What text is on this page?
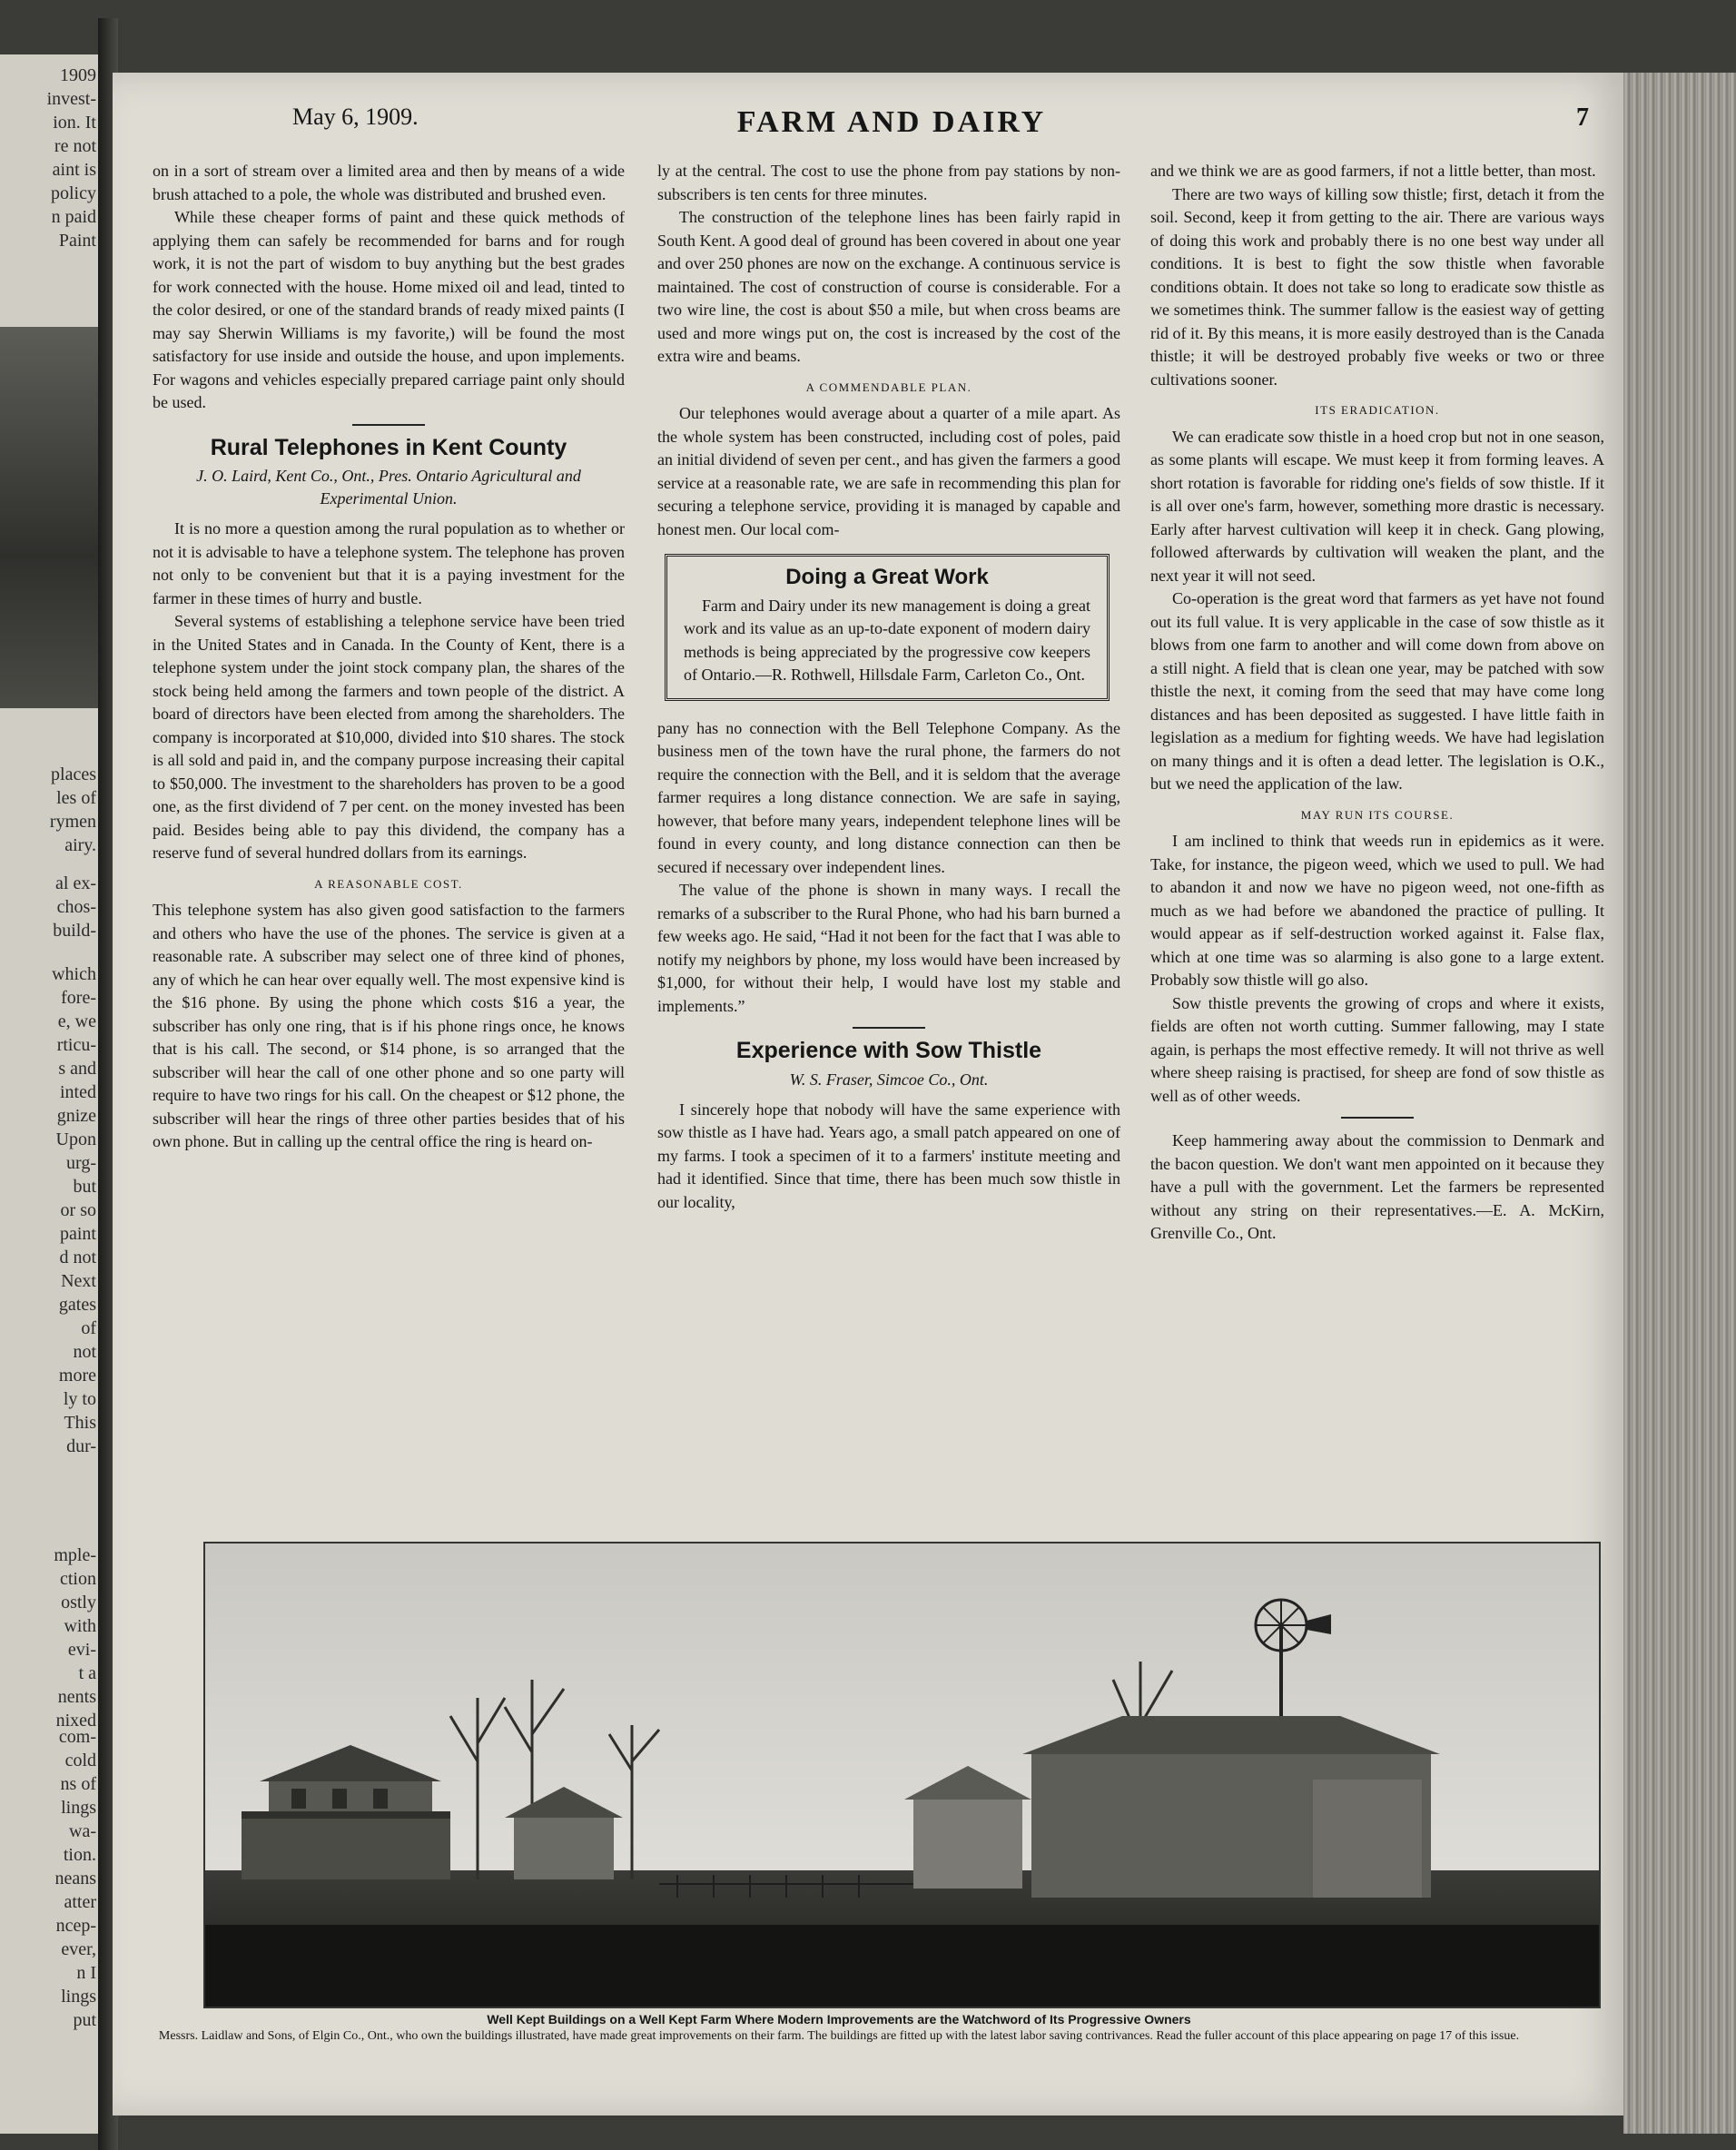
1909
invest-
ion. It
re not
aint is
policy
n paid
Paint
places
les of
rymen
airy.
al ex-
chos-
build-
which
fore-
e, we
rticu-
s and
inted
gnize
Upon
urg-
but
or so
paint
d not
Next
gates
of
not
more
ly to
This
dur-
mple-
ction
ostly
with
evi-
t a
nents
nixed
com-
cold
ns of
lings
wa-
tion.
neans
atter
ncep-
ever,
n I
lings
put
May 6, 1909.	FARM AND DAIRY	7

on in a sort of stream over a limited area and then by means of a wide brush attached to a pole, the whole was distributed and brushed even.

While these cheaper forms of paint and these quick methods of applying them can safely be recommended for barns and for rough work, it is not the part of wisdom to buy anything but the best grades for work connected with the house. Home mixed oil and lead, tinted to the color desired, or one of the standard brands of ready mixed paints (I may say Sherwin Williams is my favorite,) will be found the most satisfactory for use inside and outside the house, and upon implements. For wagons and vehicles especially prepared carriage paint only should be used.

Rural Telephones in Kent County
J. O. Laird, Kent Co., Ont., Pres. Ontario Agricultural and Experimental Union.

It is no more a question among the rural population as to whether or not it is advisable to have a telephone system. The telephone has proven not only to be convenient but that it is a paying investment for the farmer in these times of hurry and bustle.

Several systems of establishing a telephone service have been tried in the United States and in Canada. In the County of Kent, there is a telephone system under the joint stock company plan, the shares of the stock being held among the farmers and town people of the district. A board of directors have been elected from among the shareholders. The company is incorporated at $10,000, divided into $10 shares. The stock is all sold and paid in, and the company purpose increasing their capital to $50,000. The investment to the shareholders has proven to be a good one, as the first dividend of 7 per cent. on the money invested has been paid. Besides being able to pay this dividend, the company has a reserve fund of several hundred dollars from its earnings.

A REASONABLE COST.

This telephone system has also given good satisfaction to the farmers and others who have the use of the phones. The service is given at a reasonable rate. A subscriber may select one of three kind of phones, any of which he can hear over equally well. The most expensive kind is the $16 phone. By using the phone which costs $16 a year, the subscriber has only one ring, that is if his phone rings once, he knows that is his call. The second, or $14 phone, is so arranged that the subscriber will hear the call of one other phone and so one party will require to have two rings for his call. On the cheapest or $12 phone, the subscriber will hear the rings of three other parties besides that of his own phone. But in calling up the central office the ring is heard on-

ly at the central. The cost to use the phone from pay stations by non-subscribers is ten cents for three minutes.

The construction of the telephone lines has been fairly rapid in South Kent. A good deal of ground has been covered in about one year and over 250 phones are now on the exchange. A continuous service is maintained. The cost of construction of course is considerable. For a two wire line, the cost is about $50 a mile, but when cross beams are used and more wings put on, the cost is increased by the cost of the extra wire and beams.

A COMMENDABLE PLAN.

Our telephones would average about a quarter of a mile apart. As the whole system has been constructed, including cost of poles, paid an initial dividend of seven per cent., and has given the farmers a good service at a reasonable rate, we are safe in recommending this plan for securing a telephone service, providing it is managed by capable and honest men. Our local com-

Doing a Great Work

Farm and Dairy under its new management is doing a great work and its value as an up-to-date exponent of modern dairy methods is being appreciated by the progressive cow keepers of Ontario.—R. Rothwell, Hillsdale Farm, Carleton Co., Ont.

pany has no connection with the Bell Telephone Company. As the business men of the town have the rural phone, the farmers do not require the connection with the Bell, and it is seldom that the average farmer requires a long distance connection. We are safe in saying, however, that before many years, independent telephone lines will be found in every county, and long distance connection can then be secured if necessary over independent lines.

The value of the phone is shown in many ways. I recall the remarks of a subscriber to the Rural Phone, who had his barn burned a few weeks ago. He said, “Had it not been for the fact that I was able to notify my neighbors by phone, my loss would have been increased by $1,000, for without their help, I would have lost my stable and implements.”

Experience with Sow Thistle
W. S. Fraser, Simcoe Co., Ont.

I sincerely hope that nobody will have the same experience with sow thistle as I have had. Years ago, a small patch appeared on one of my farms. I took a specimen of it to a farmers' institute meeting and had it identified. Since that time, there has been much sow thistle in our locality,

and we think we are as good farmers, if not a little better, than most.

There are two ways of killing sow thistle; first, detach it from the soil. Second, keep it from getting to the air. There are various ways of doing this work and probably there is no one best way under all conditions. It is best to fight the sow thistle when favorable conditions obtain. It does not take so long to eradicate sow thistle as we sometimes think. The summer fallow is the easiest way of getting rid of it. By this means, it is more easily destroyed than is the Canada thistle; it will be destroyed probably five weeks or two or three cultivations sooner.

ITS ERADICATION.

We can eradicate sow thistle in a hoed crop but not in one season, as some plants will escape. We must keep it from forming leaves. A short rotation is favorable for ridding one's fields of sow thistle. If it is all over one's farm, however, something more drastic is necessary. Early after harvest cultivation will keep it in check. Gang plowing, followed afterwards by cultivation will weaken the plant, and the next year it will not seed.

Co-operation is the great word that farmers as yet have not found out its full value. It is very applicable in the case of sow thistle as it blows from one farm to another and will come down from above on a still night. A field that is clean one year, may be patched with sow thistle the next, it coming from the seed that may have come long distances and has been deposited as suggested. I have little faith in legislation as a medium for fighting weeds. We have had legislation on many things and it is often a dead letter. The legislation is O.K., but we need the application of the law.

MAY RUN ITS COURSE.

I am inclined to think that weeds run in epidemics as it were. Take, for instance, the pigeon weed, which we used to pull. We had to abandon it and now we have no pigeon weed, not one-fifth as much as we had before we abandoned the practice of pulling. It would appear as if self-destruction worked against it. False flax, which at one time was so alarming is also gone to a large extent. Probably sow thistle will go also.

Sow thistle prevents the growing of crops and where it exists, fields are often not worth cutting. Summer fallowing, may I state again, is perhaps the most effective remedy. It will not thrive as well where sheep raising is practised, for sheep are fond of sow thistle as well as of other weeds.

Keep hammering away about the commission to Denmark and the bacon question. We don't want men appointed on it because they have a pull with the government. Let the farmers be represented without any string on their representatives.—E. A. McKirn, Grenville Co., Ont.

Well Kept Buildings on a Well Kept Farm Where Modern Improvements are the Watchword of Its Progressive Owners
Messrs. Laidlaw and Sons, of Elgin Co., Ont., who own the buildings illustrated, have made great improvements on their farm. The buildings are fitted up with the latest labor saving contrivances. Read the fuller account of this place appearing on page 17 of this issue.
